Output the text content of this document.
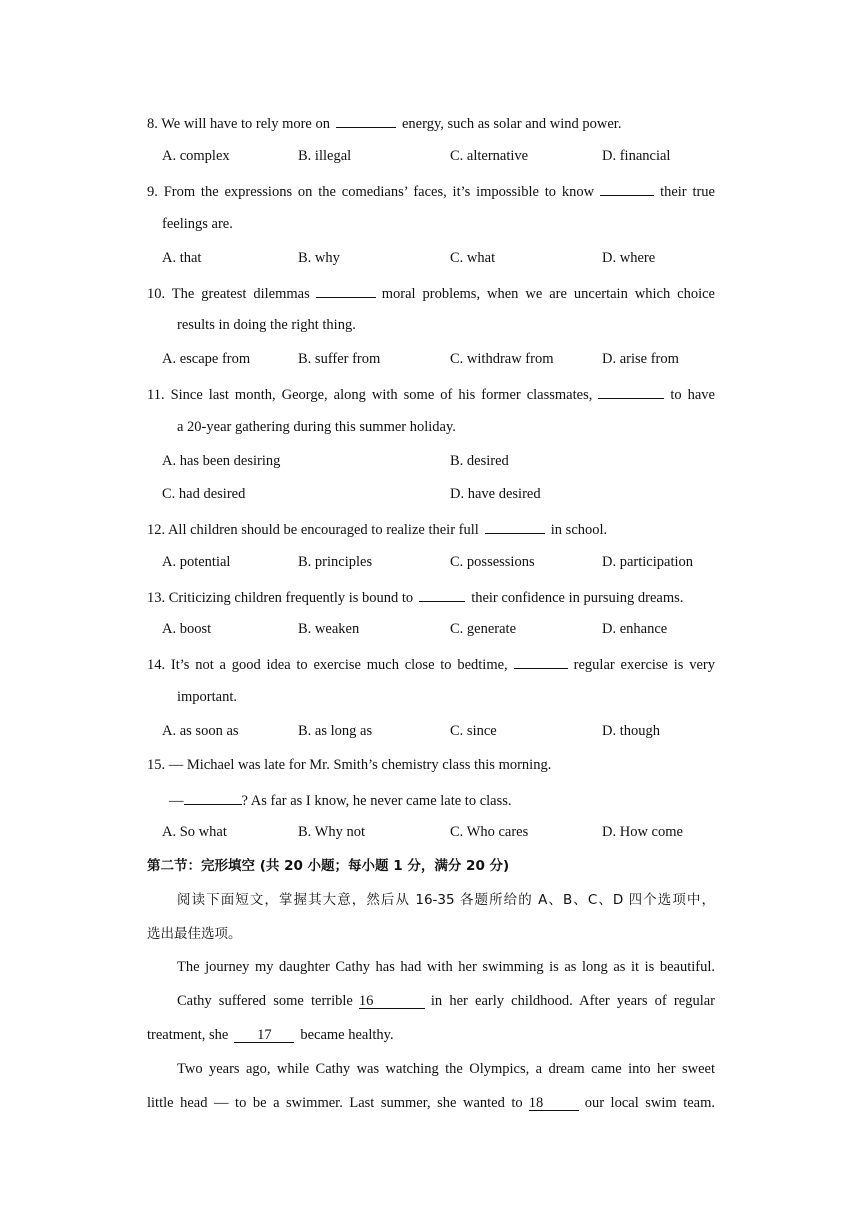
8. We will have to rely more on	energy, such as solar and wind power.
A. complex	B. illegal	C. alternative	D. financial
9. From the expressions on the comedians’ faces, it’s impossible to know	their true
feelings are.
A. that	B. why	C. what	D. where
10. The greatest dilemmas	moral problems, when we are uncertain which choice
results in doing the right thing.
A. escape from	B. suffer from	C. withdraw from	D. arise from
11. Since last month, George, along with some of his former classmates,	to have
a 20-year gathering during this summer holiday.
A. has been desiring	B. desired
C. had desired	D. have desired
12. All children should be encouraged to realize their full	in school.
A. potential	B. principles	C. possessions	D. participation
13. Criticizing children frequently is bound to	their confidence in pursuing dreams.
A. boost	B. weaken	C. generate	D. enhance
14. It’s not a good idea to exercise much close to bedtime,	regular exercise is very
important.
A. as soon as	B. as long as	C. since	D. though
15. — Michael was late for Mr. Smith’s chemistry class this morning.
—	? As far as I know, he never came late to class.
A. So what	B. Why not	C. Who cares	D. How come
第二节：完形填空 (共 20 小题；每小题 1 分，满分 20 分)
阅读下面短文，掌握其大意，然后从 16-35 各题所给的 A、B、C、D 四个选项中，
选出最佳选项。
The journey my daughter Cathy has had with her swimming is as long as it is beautiful.
Cathy suffered some terrible 16	in her early childhood. After years of regular
treatment, she 17 became healthy.
Two years ago, while Cathy was watching the Olympics, a dream came into her sweet
little head — to be a swimmer. Last summer, she wanted to 18	our local swim team.
